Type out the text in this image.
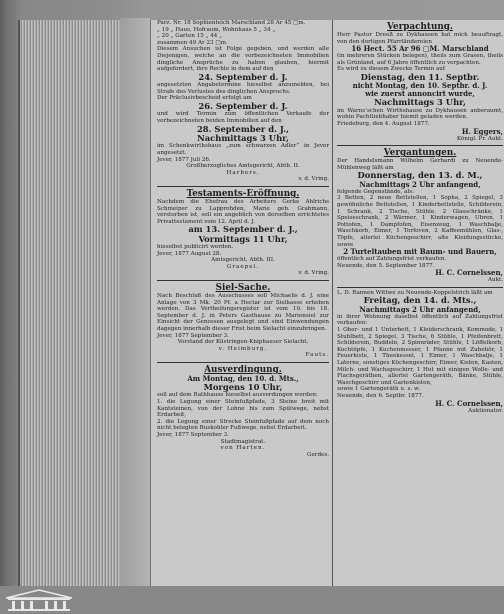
Parz. Nr. 18 Sophienteich Marschland 28 Ar 45 □m.
„ 19 „ Haus, Hofraum, Wohnhaus 5 „ 34 „
„ 20 „ Garten 15 „ 44 „
zusammen 49 Ar 23 □m.

Diesem Ansuchen ist Folge gegeben, und werden alle Diejenigen, welche an die vorbezeichneten Immobilien dingliche Ansprüche zu haben glauben, hiermit aufgefordert, ihre Rechte in dem auf den

24. September d. J.

angesetzten Angabetermine hieselbst anzumelden, bei Strafe des Verlustes des dinglichen Anspruchs.
Der Präclusivbescheid erfolgt am

26. September d. J.

und wird Termin zum öffentlichen Verkaufe der vorbezeichneten beiden Immobilien auf den

28. September d. J.,
Nachmittags 3 Uhr,

im Schenkwirthshaus „zum schwarzen Adler“ in Jever angesetzt.

Jever, 1877 Juli 26.

Großherzogliches Amtsgericht, Abth. II.

Harbers.

v. d. Vring.

Testaments-Eröffnung.

Nachdem die Ehefrau des Arbeiters Gerke Ahlrichs Schmeiper zu Lapprohden, Marie geb. Grabmann, verstorben ist, soll ein angeblich von derselben errichtetes Privattestament vom 12. April d. J.

am 13. September d. J.,
Vormittags 11 Uhr,

hieselbst publicirt werden.

Jever, 1877 August 28.

Amtsgericht, Abth. III.

Graepel.

v. d. Vring.

Siel-Sache.

Nach Beschluß des Ausschusses soll Michaelis d. J. eine Anlage von 3 Mk. 20 Pf. a Hectar zur Sielkasse erhoben werden. Das Vertheilungsregister ist vom 10. bis 18. September d. J. in Peters Gasthause zu Mariensiel zur Einsicht der Genossen ausgelegt und sind Einwendungen dagegen innerhalb dieser Frist beim Sielacht einzubringen.

Jever, 1877 September 3.

Vorstand der Küstringen-Kniphauser Sielacht.

v. Heimburg.

Fauts.

Ausverdingung.
Am Montag, den 10. d. Mts.,
Morgens 10 Uhr,

soll auf dem Rathhause hieselbst ausverdungen werden:
1. die Legung einer Steinfußpfade, 3 Steine breit mit Kantsteinen, von der Lohne bis zum Spülwege, nebst Erdarbeit,
2. die Legung einer Strecke Steinfußpfade auf dem noch nicht belegten Buskohler Fußwege, nebst Erdarbeit.

Jever, 1877 September 3.

Stadtmagistrat.

von Harten.

Gerdes.

Verpachtung.

Herr Pastor Dreeß zu Dykhausen hat mich beauftragt, von den dortigen Pfarrländereien

16 Hect. 55 Ar 96 □M. Marschland

(in mehreren Stücken belegen), theils zum Grasen, theils als Grünland, auf 6 Jahre öffentlich zu verpachten.
Es wird zu diesem Zwecke Termin auf

Dienstag, den 11. Septbr.
nicht Montag, den 10. Septbr. d. J.
wie zuerst annoncirt wurde,
Nachmittags 3 Uhr,

im Warns’schen Wirthshause zu Dykhausen anberaumt, wohin Pachtliebhaber hiemit geladen werden.

Friedeburg, den 4. August 1877.

H. Eggers,

Königl. Pr. Aukt.

Vergantungen.

Der Handelsmann Wilhelm Gerhardi zu Neuende-Mühlenweg läßt am

Donnerstag, den 13. d. M.,
Nachmittags 2 Uhr anfangend,

folgende Gegenstände, als:

3 Betten, 2 neue Bettstellen, 1 Sopha, 2 Spiegel, 3 gewöhnliche Bettstellen, 1 Kinderbettstelle, Schilderein, 1 Schrank, 2 Tische, Stühle, 2 Glasschränke, 1 Speiseschrank, 2 Wärmer, 1 Kinderwagen, Uhren, 1 Pottofen, 1 Dampfofen, Eisenzeug, 1 Waschbalje, Waschkorb, Eimer, 1 Torfoven, 2 Kaffeemühlen, Glas-, Töpfe, allerlei Küchengeschirr, alte Kleidungsstücke, sowie

2 Turteltauben mit Baum- und Bauern,

öffentlich auf Zahlungsfrist verkaufen.

Neuende, den 5. September 1877.

H. C. Cornelssen,

Aukt.

L. D. Rannen Wittwe zu Neuende-Koppelstrich läßt am

Freitag, den 14. d. Mts.,
Nachmittags 2 Uhr anfangend,

in ihrer Wohnung daselbst öffentlich auf Zahlungsfrist verkaufen:

1 Ober- und 1 Unterbett, 1 Kleiderschrank, Kommode, 1 Stuhlbett, 2 Spiegel, 3 Tische, 6 Stühle, 1 Pfeifenbrett, Schilderein, Buddeln, 2 Spinnräder, Stühle, 1 Löffelkorb, Kochtöpfe, 1 Kuchenmesser, 1 Pfanne mit Zubehör, 1 Feuerkiste, 1 Theekessel, 1 Eimer, 1 Waschbalje, 1 Laterne, sonstiges Küchengeschirr, Eimer, Kisten, Kasten, Milch- und Wachsgeschirr, 1 Hut mit einigen Wolle- und Flachsgeräthen, allerlei Gartengeräth, Bänke, Stühle, Waschgeschirr und Gartenkisten,
sowie 1 Gartengeräth u. s. w.

Neuende, den 6. Septbr. 1877.

H. C. Cornelssen,

Auktionator.
